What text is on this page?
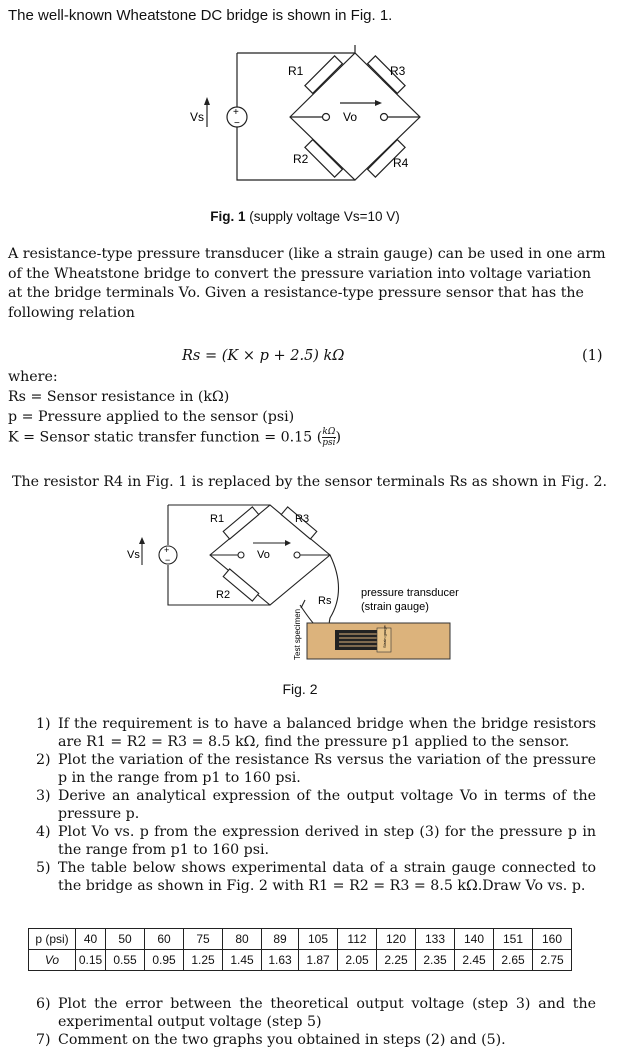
The well-known Wheatstone DC bridge is shown in Fig. 1.
R1	R3
R2	R4
Vo
Vs	+
−
Fig. 1 (supply voltage Vs=10 V)
A resistance-type pressure transducer (like a strain gauge) can be used in one arm of the Wheatstone bridge to convert the pressure variation into voltage variation at the bridge terminals Vo. Given a resistance-type pressure sensor that has the following relation
Rs = (K × p + 2.5) kΩ	(1)
where:
Rs = Sensor resistance in (kΩ)
p = Pressure applied to the sensor (psi)
K = Sensor static transfer function = 0.15 ( $\frac{k\Omega}{\text{psi}}$ )
The resistor R4 in Fig. 1 is replaced by the sensor terminals Rs as shown in Fig. 2.
Strain gauge
Test specimen
R1	R3
R2	Rs
Vo
Vs	+
−
pressure transducer
(strain gauge)
Fig. 2
1) If the requirement is to have a balanced bridge when the bridge resistors are R1 = R2 = R3 = 8.5 kΩ, find the pressure p1 applied to the sensor.
2) Plot the variation of the resistance Rs versus the variation of the pressure p in the range from p1 to 160 psi.
3) Derive an analytical expression of the output voltage Vo in terms of the pressure p.
4) Plot Vo vs. p from the expression derived in step (3) for the pressure p in the range from p1 to 160 psi.
5) The table below shows experimental data of a strain gauge connected to the bridge as shown in Fig. 2 with R1 = R2 = R3 = 8.5 kΩ.Draw Vo vs. p.
p (psi)	40	50	60	75	80	89	105	112	120	133	140	151	160
Vo	0.15	0.55	0.95	1.25	1.45	1.63	1.87	2.05	2.25	2.35	2.45	2.65	2.75
6) Plot the error between the theoretical output voltage (step 3) and the experimental output voltage (step 5)
7) Comment on the two graphs you obtained in steps (2) and (5).
